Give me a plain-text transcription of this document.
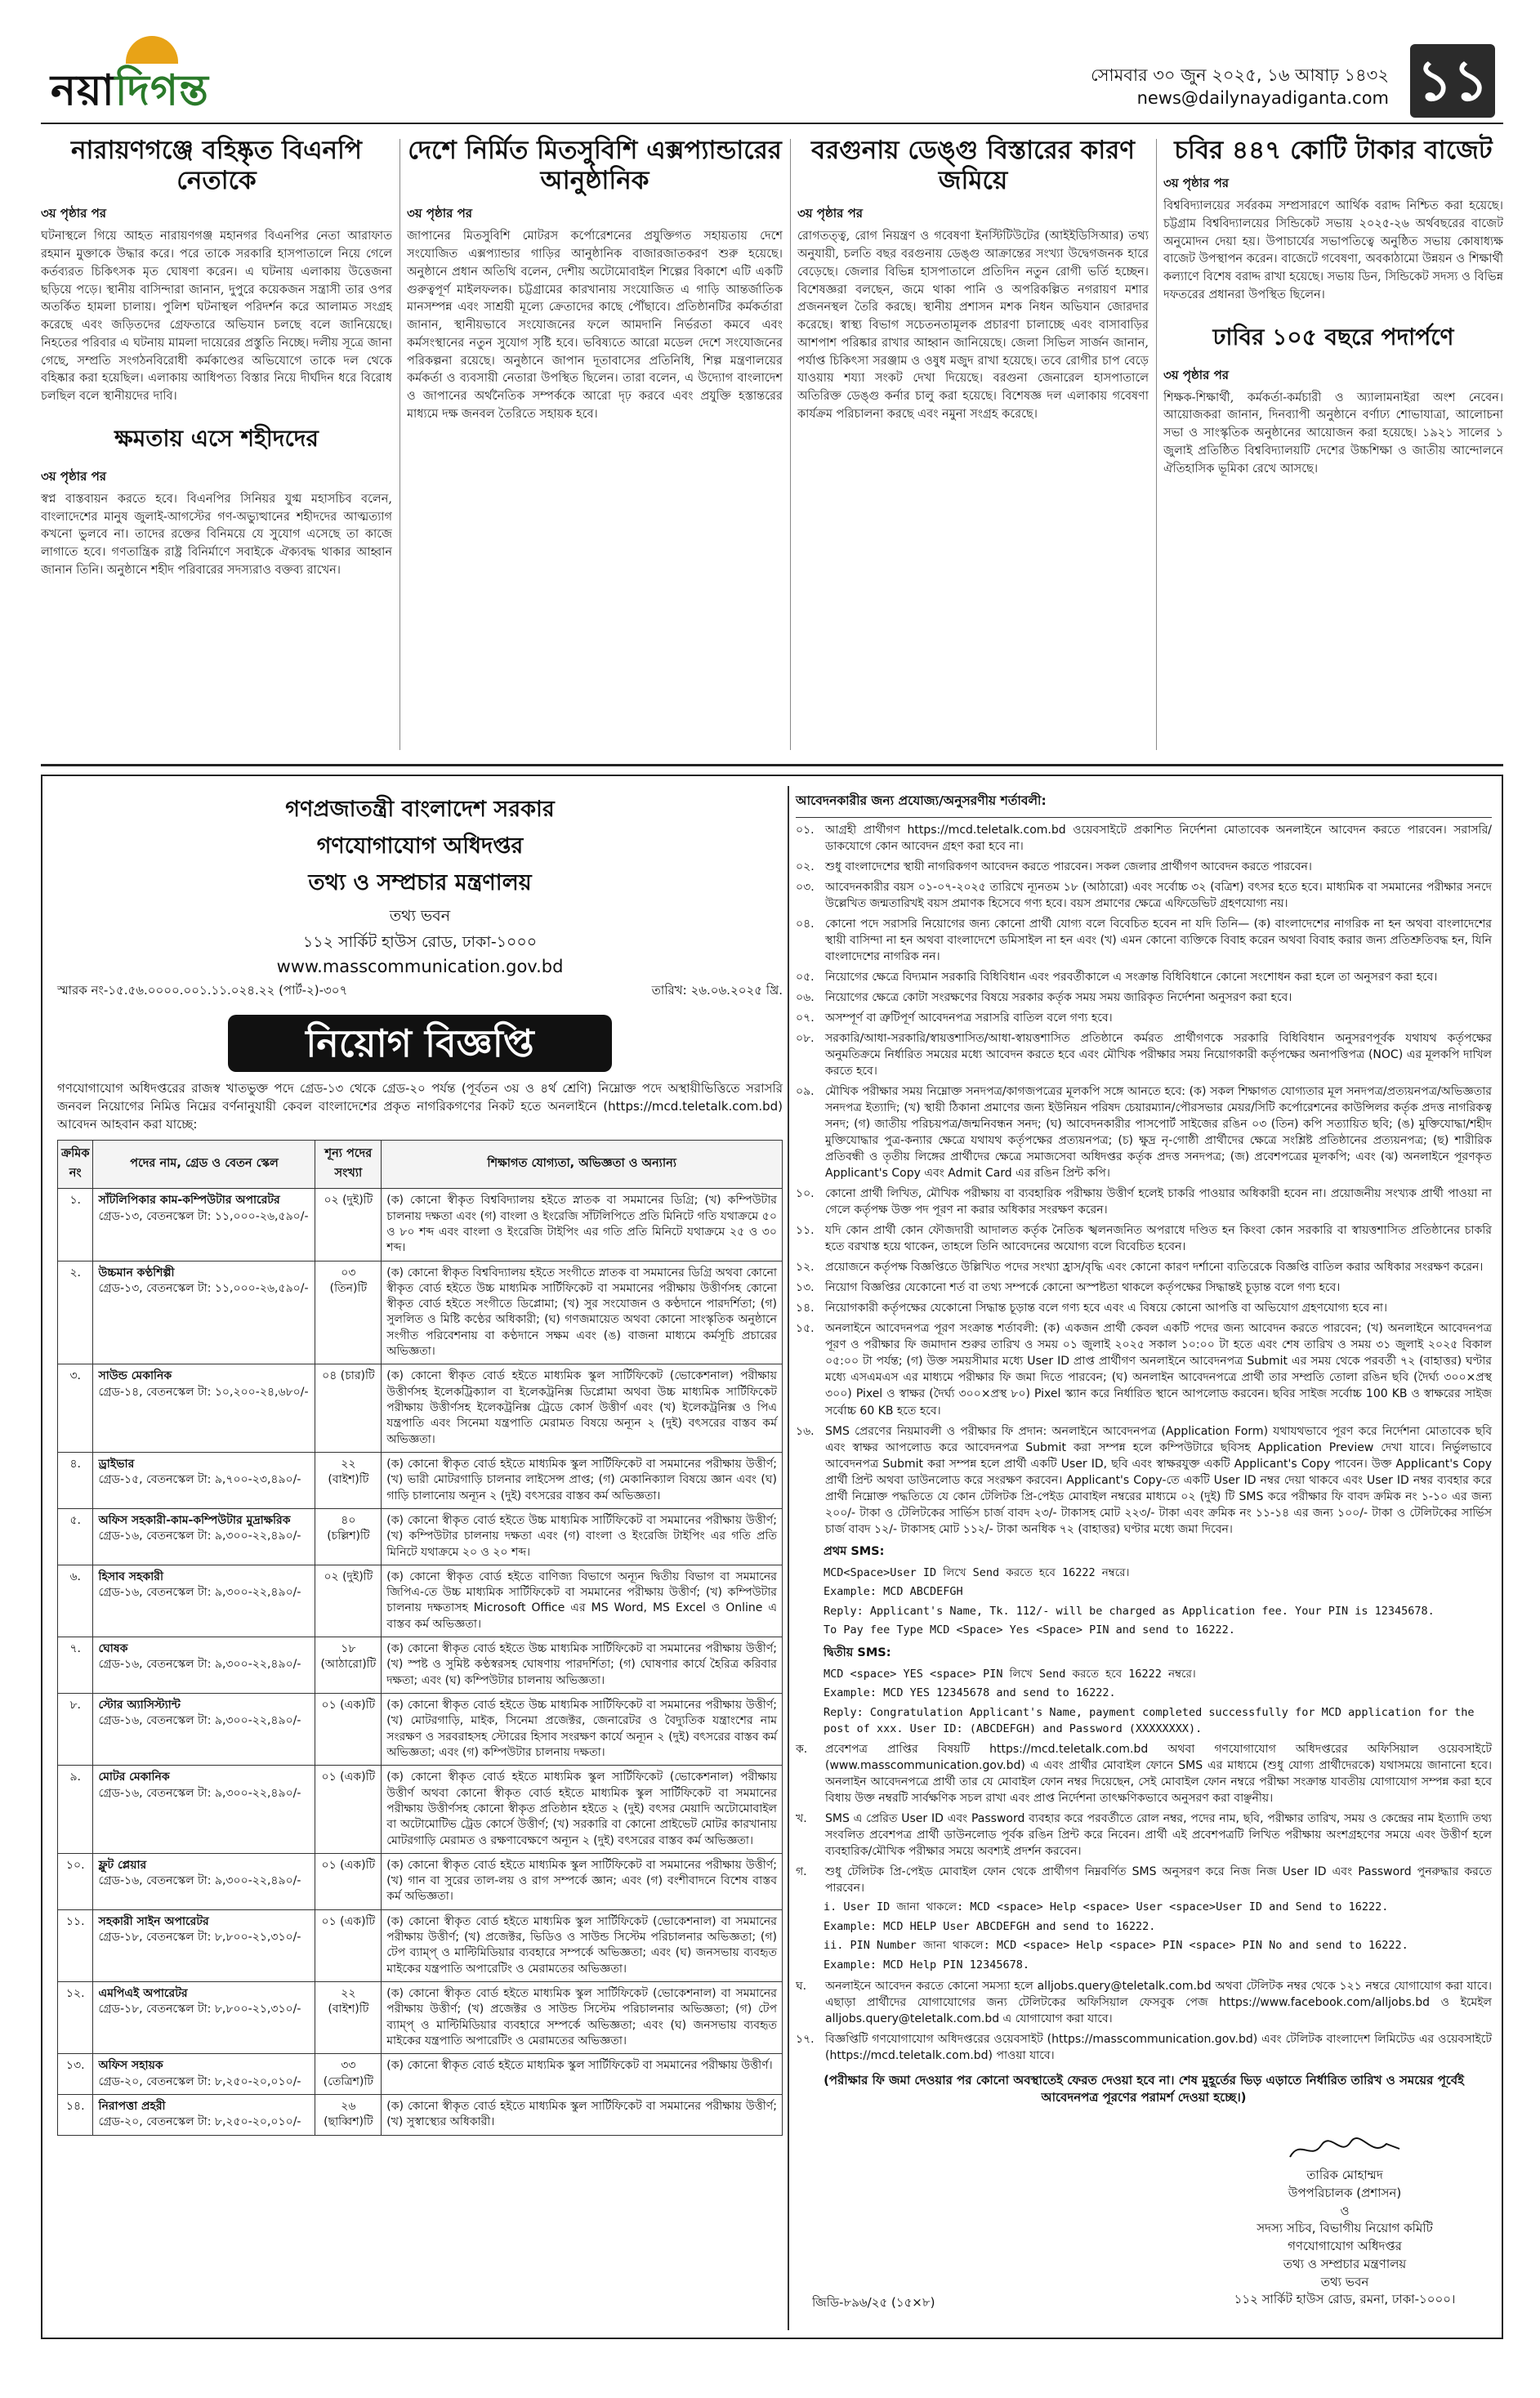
নয়াদিগন্ত	সোমবার ৩০ জুন ২০২৫, ১৬ আষাঢ় ১৪৩২
news@dailynayadiganta.com ১১
নারায়ণগঞ্জে বহিষ্কৃত বিএনপি নেতাকে
৩য় পৃষ্ঠার পর

ঘটনাস্থলে গিয়ে আহত নারায়ণগঞ্জ মহানগর বিএনপির নেতা আরাফাত রহমান মুক্তাকে উদ্ধার করে। পরে তাকে সরকারি হাসপাতালে নিয়ে গেলে কর্তব্যরত চিকিৎসক মৃত ঘোষণা করেন। এ ঘটনায় এলাকায় উত্তেজনা ছড়িয়ে পড়ে। স্থানীয় বাসিন্দারা জানান, দুপুরে কয়েকজন সন্ত্রাসী তার ওপর অতর্কিত হামলা চালায়। পুলিশ ঘটনাস্থল পরিদর্শন করে আলামত সংগ্রহ করেছে এবং জড়িতদের গ্রেফতারে অভিযান চলছে বলে জানিয়েছে। নিহতের পরিবার এ ঘটনায় মামলা দায়েরের প্রস্তুতি নিচ্ছে। দলীয় সূত্রে জানা গেছে, সম্প্রতি সংগঠনবিরোধী কর্মকাণ্ডের অভিযোগে তাকে দল থেকে বহিষ্কার করা হয়েছিল। এলাকায় আধিপত্য বিস্তার নিয়ে দীর্ঘদিন ধরে বিরোধ চলছিল বলে স্থানীয়দের দাবি।

ক্ষমতায় এসে শহীদদের
৩য় পৃষ্ঠার পর

স্বপ্ন বাস্তবায়ন করতে হবে। বিএনপির সিনিয়র যুগ্ম মহাসচিব বলেন, বাংলাদেশের মানুষ জুলাই-আগস্টের গণ-অভ্যুত্থানের শহীদদের আত্মত্যাগ কখনো ভুলবে না। তাদের রক্তের বিনিময়ে যে সুযোগ এসেছে তা কাজে লাগাতে হবে। গণতান্ত্রিক রাষ্ট্র বিনির্মাণে সবাইকে ঐক্যবদ্ধ থাকার আহ্বান জানান তিনি। অনুষ্ঠানে শহীদ পরিবারের সদস্যরাও বক্তব্য রাখেন।

দেশে নির্মিত মিতসুবিশি এক্সপ্যান্ডারের আনুষ্ঠানিক
৩য় পৃষ্ঠার পর

জাপানের মিতসুবিশি মোটরস কর্পোরেশনের প্রযুক্তিগত সহায়তায় দেশে সংযোজিত এক্সপ্যান্ডার গাড়ির আনুষ্ঠানিক বাজারজাতকরণ শুরু হয়েছে। অনুষ্ঠানে প্রধান অতিথি বলেন, দেশীয় অটোমোবাইল শিল্পের বিকাশে এটি একটি গুরুত্বপূর্ণ মাইলফলক। চট্টগ্রামের কারখানায় সংযোজিত এ গাড়ি আন্তর্জাতিক মানসম্পন্ন এবং সাশ্রয়ী মূল্যে ক্রেতাদের কাছে পৌঁছাবে। প্রতিষ্ঠানটির কর্মকর্তারা জানান, স্থানীয়ভাবে সংযোজনের ফলে আমদানি নির্ভরতা কমবে এবং কর্মসংস্থানের নতুন সুযোগ সৃষ্টি হবে। ভবিষ্যতে আরো মডেল দেশে সংযোজনের পরিকল্পনা রয়েছে। অনুষ্ঠানে জাপান দূতাবাসের প্রতিনিধি, শিল্প মন্ত্রণালয়ের কর্মকর্তা ও ব্যবসায়ী নেতারা উপস্থিত ছিলেন। তারা বলেন, এ উদ্যোগ বাংলাদেশ ও জাপানের অর্থনৈতিক সম্পর্ককে আরো দৃঢ় করবে এবং প্রযুক্তি হস্তান্তরের মাধ্যমে দক্ষ জনবল তৈরিতে সহায়ক হবে।

বরগুনায় ডেঙ্গু বিস্তারের কারণ জমিয়ে
৩য় পৃষ্ঠার পর

রোগতত্ত্ব, রোগ নিয়ন্ত্রণ ও গবেষণা ইনস্টিটিউটের (আইইডিসিআর) তথ্য অনুযায়ী, চলতি বছর বরগুনায় ডেঙ্গু আক্রান্তের সংখ্যা উদ্বেগজনক হারে বেড়েছে। জেলার বিভিন্ন হাসপাতালে প্রতিদিন নতুন রোগী ভর্তি হচ্ছেন। বিশেষজ্ঞরা বলছেন, জমে থাকা পানি ও অপরিকল্পিত নগরায়ণ মশার প্রজননস্থল তৈরি করছে। স্থানীয় প্রশাসন মশক নিধন অভিযান জোরদার করেছে। স্বাস্থ্য বিভাগ সচেতনতামূলক প্রচারণা চালাচ্ছে এবং বাসাবাড়ির আশপাশ পরিষ্কার রাখার আহ্বান জানিয়েছে। জেলা সিভিল সার্জন জানান, পর্যাপ্ত চিকিৎসা সরঞ্জাম ও ওষুধ মজুদ রাখা হয়েছে। তবে রোগীর চাপ বেড়ে যাওয়ায় শয্যা সংকট দেখা দিয়েছে। বরগুনা জেনারেল হাসপাতালে অতিরিক্ত ডেঙ্গু কর্নার চালু করা হয়েছে। বিশেষজ্ঞ দল এলাকায় গবেষণা কার্যক্রম পরিচালনা করছে এবং নমুনা সংগ্রহ করেছে।

চবির ৪৪৭ কোটি টাকার বাজেট
৩য় পৃষ্ঠার পর

বিশ্ববিদ্যালয়ের সর্বরকম সম্প্রসারণে আর্থিক বরাদ্দ নিশ্চিত করা হয়েছে। চট্টগ্রাম বিশ্ববিদ্যালয়ের সিন্ডিকেট সভায় ২০২৫-২৬ অর্থবছরের বাজেট অনুমোদন দেয়া হয়। উপাচার্যের সভাপতিত্বে অনুষ্ঠিত সভায় কোষাধ্যক্ষ বাজেট উপস্থাপন করেন। বাজেটে গবেষণা, অবকাঠামো উন্নয়ন ও শিক্ষার্থী কল্যাণে বিশেষ বরাদ্দ রাখা হয়েছে। সভায় ডিন, সিন্ডিকেট সদস্য ও বিভিন্ন দফতরের প্রধানরা উপস্থিত ছিলেন।

ঢাবির ১০৫ বছরে পদার্পণে
৩য় পৃষ্ঠার পর

শিক্ষক-শিক্ষার্থী, কর্মকর্তা-কর্মচারী ও অ্যালামনাইরা অংশ নেবেন। আয়োজকরা জানান, দিনব্যাপী অনুষ্ঠানে বর্ণাঢ্য শোভাযাত্রা, আলোচনা সভা ও সাংস্কৃতিক অনুষ্ঠানের আয়োজন করা হয়েছে। ১৯২১ সালের ১ জুলাই প্রতিষ্ঠিত বিশ্ববিদ্যালয়টি দেশের উচ্চশিক্ষা ও জাতীয় আন্দোলনে ঐতিহাসিক ভূমিকা রেখে আসছে।

গণপ্রজাতন্ত্রী বাংলাদেশ সরকার
গণযোগাযোগ অধিদপ্তর
তথ্য ও সম্প্রচার মন্ত্রণালয়
তথ্য ভবন
১১২ সার্কিট হাউস রোড, ঢাকা-১০০০
www.masscommunication.gov.bd
স্মারক নং-১৫.৫৬.০০০০.০০১.১১.০২৪.২২ (পার্ট-২)-৩০৭	তারিখ: ২৬.০৬.২০২৫ খ্রি.
নিয়োগ বিজ্ঞপ্তি
গণযোগাযোগ অধিদপ্তরের রাজস্ব খাতভুক্ত পদে গ্রেড-১৩ থেকে গ্রেড-২০ পর্যন্ত (পূর্বতন ৩য় ও ৪র্থ শ্রেণি) নিম্নোক্ত পদে অস্থায়ীভিত্তিতে সরাসরি জনবল নিয়োগের নিমিত্ত নিম্নের বর্ণনানুযায়ী কেবল বাংলাদেশের প্রকৃত নাগরিকগণের নিকট হতে অনলাইনে (https://mcd.teletalk.com.bd) আবেদন আহবান করা যাচ্ছে:
ক্রমিক নং	পদের নাম, গ্রেড ও বেতন স্কেল	শূন্য পদের সংখ্যা	শিক্ষাগত যোগ্যতা, অভিজ্ঞতা ও অন্যান্য
১.	সাঁটলিপিকার কাম-কম্পিউটার অপারেটর
গ্রেড-১৩, বেতনস্কেল টা: ১১,০০০-২৬,৫৯০/-	০২ (দুই)টি	(ক) কোনো স্বীকৃত বিশ্ববিদ্যালয় হইতে স্নাতক বা সমমানের ডিগ্রি; (খ) কম্পিউটার চালনায় দক্ষতা এবং (গ) বাংলা ও ইংরেজি সাঁটলিপিতে প্রতি মিনিটে গতি যথাক্রমে ৫০ ও ৮০ শব্দ এবং বাংলা ও ইংরেজি টাইপিং এর গতি প্রতি মিনিটে যথাক্রমে ২৫ ও ৩০ শব্দ।
২.	উচ্চমান কণ্ঠশিল্পী
গ্রেড-১৩, বেতনস্কেল টা: ১১,০০০-২৬,৫৯০/-	০৩ (তিন)টি	(ক) কোনো স্বীকৃত বিশ্ববিদ্যালয় হইতে সংগীতে স্নাতক বা সমমানের ডিগ্রি অথবা কোনো স্বীকৃত বোর্ড হইতে উচ্চ মাধ্যমিক সার্টিফিকেট বা সমমানের পরীক্ষায় উত্তীর্ণসহ কোনো স্বীকৃত বোর্ড হইতে সংগীতে ডিপ্লোমা; (খ) সুর সংযোজন ও কণ্ঠদানে পারদর্শিতা; (গ) সুললিত ও মিষ্টি কণ্ঠের অধিকারী; (ঘ) গণজমায়েত অথবা কোনো সাংস্কৃতিক অনুষ্ঠানে সংগীত পরিবেশনায় বা কণ্ঠদানে সক্ষম এবং (ঙ) বাজনা মাধ্যমে কর্মসূচি প্রচারের অভিজ্ঞতা।
৩.	সাউন্ড মেকানিক
গ্রেড-১৪, বেতনস্কেল টা: ১০,২০০-২৪,৬৮০/-	০৪ (চার)টি	(ক) কোনো স্বীকৃত বোর্ড হইতে মাধ্যমিক স্কুল সার্টিফিকেট (ভোকেশনাল) পরীক্ষায় উত্তীর্ণসহ ইলেকট্রিক্যাল বা ইলেকট্রনিক্স ডিপ্লোমা অথবা উচ্চ মাধ্যমিক সার্টিফিকেট পরীক্ষায় উত্তীর্ণসহ ইলেকট্রনিক্স ট্রেডে কোর্স উত্তীর্ণ এবং (খ) ইলেকট্রনিক্স ও পিএ যন্ত্রপাতি এবং সিনেমা যন্ত্রপাতি মেরামত বিষয়ে অন্যূন ২ (দুই) বৎসরের বাস্তব কর্ম অভিজ্ঞতা।
৪.	ড্রাইভার
গ্রেড-১৫, বেতনস্কেল টা: ৯,৭০০-২৩,৪৯০/-	২২ (বাইশ)টি	(ক) কোনো স্বীকৃত বোর্ড হইতে মাধ্যমিক স্কুল সার্টিফিকেট বা সমমানের পরীক্ষায় উত্তীর্ণ; (খ) ভারী মোটরগাড়ি চালনার লাইসেন্স প্রাপ্ত; (গ) মেকানিক্যাল বিষয়ে জ্ঞান এবং (ঘ) গাড়ি চালানোয় অন্যূন ২ (দুই) বৎসরের বাস্তব কর্ম অভিজ্ঞতা।
৫.	অফিস সহকারী-কাম-কম্পিউটার মুদ্রাক্ষরিক
গ্রেড-১৬, বেতনস্কেল টা: ৯,৩০০-২২,৪৯০/-	৪০ (চল্লিশ)টি	(ক) কোনো স্বীকৃত বোর্ড হইতে উচ্চ মাধ্যমিক সার্টিফিকেট বা সমমানের পরীক্ষায় উত্তীর্ণ; (খ) কম্পিউটার চালনায় দক্ষতা এবং (গ) বাংলা ও ইংরেজি টাইপিং এর গতি প্রতি মিনিটে যথাক্রমে ২০ ও ২০ শব্দ।
৬.	হিসাব সহকারী
গ্রেড-১৬, বেতনস্কেল টা: ৯,৩০০-২২,৪৯০/-	০২ (দুই)টি	(ক) কোনো স্বীকৃত বোর্ড হইতে বাণিজ্য বিভাগে অন্যূন দ্বিতীয় বিভাগ বা সমমানের জিপিএ-তে উচ্চ মাধ্যমিক সার্টিফিকেট বা সমমানের পরীক্ষায় উত্তীর্ণ; (খ) কম্পিউটার চালনায় দক্ষতাসহ Microsoft Office এর MS Word, MS Excel ও Online এ বাস্তব কর্ম অভিজ্ঞতা।
৭.	ঘোষক
গ্রেড-১৬, বেতনস্কেল টা: ৯,৩০০-২২,৪৯০/-	১৮ (আঠারো)টি	(ক) কোনো স্বীকৃত বোর্ড হইতে উচ্চ মাধ্যমিক সার্টিফিকেট বা সমমানের পরীক্ষায় উত্তীর্ণ; (খ) স্পষ্ট ও সুমিষ্ট কণ্ঠস্বরসহ ঘোষণায় পারদর্শিতা; (গ) ঘোষণার কার্যে হৈরিত্র করিবার দক্ষতা; এবং (ঘ) কম্পিউটার চালনায় অভিজ্ঞতা।
৮.	স্টোর অ্যাসিস্ট্যান্ট
গ্রেড-১৬, বেতনস্কেল টা: ৯,৩০০-২২,৪৯০/-	০১ (এক)টি	(ক) কোনো স্বীকৃত বোর্ড হইতে উচ্চ মাধ্যমিক সার্টিফিকেট বা সমমানের পরীক্ষায় উত্তীর্ণ; (খ) মোটরগাড়ি, মাইক, সিনেমা প্রজেক্টর, জেনারেটর ও বৈদ্যুতিক যন্ত্রাংশের নাম সংরক্ষণ ও সরবরাহসহ স্টোরের হিসাব সংরক্ষণ কার্যে অন্যূন ২ (দুই) বৎসরের বাস্তব কর্ম অভিজ্ঞতা; এবং (গ) কম্পিউটার চালনায় দক্ষতা।
৯.	মোটর মেকানিক
গ্রেড-১৬, বেতনস্কেল টা: ৯,৩০০-২২,৪৯০/-	০১ (এক)টি	(ক) কোনো স্বীকৃত বোর্ড হইতে মাধ্যমিক স্কুল সার্টিফিকেট (ভোকেশনাল) পরীক্ষায় উত্তীর্ণ অথবা কোনো স্বীকৃত বোর্ড হইতে মাধ্যমিক স্কুল সার্টিফিকেট বা সমমানের পরীক্ষায় উত্তীর্ণসহ কোনো স্বীকৃত প্রতিষ্ঠান হইতে ২ (দুই) বৎসর মেয়াদি অটোমোবাইল বা অটোমোটিভ ট্রেড কোর্সে উত্তীর্ণ; (খ) সরকারি বা কোনো প্রাইভেট মোটর কারখানায় মোটরগাড়ি মেরামত ও রক্ষণাবেক্ষণে অন্যূন ২ (দুই) বৎসরের বাস্তব কর্ম অভিজ্ঞতা।
১০.	ফ্লুট প্লেয়ার
গ্রেড-১৬, বেতনস্কেল টা: ৯,৩০০-২২,৪৯০/-	০১ (এক)টি	(ক) কোনো স্বীকৃত বোর্ড হইতে মাধ্যমিক স্কুল সার্টিফিকেট বা সমমানের পরীক্ষায় উত্তীর্ণ; (খ) গান বা সুরের তাল-লয় ও রাগ সম্পর্কে জ্ঞান; এবং (গ) বংশীবাদনে বিশেষ বাস্তব কর্ম অভিজ্ঞতা।
১১.	সহকারী সাইন অপারেটর
গ্রেড-১৮, বেতনস্কেল টা: ৮,৮০০-২১,৩১০/-	০১ (এক)টি	(ক) কোনো স্বীকৃত বোর্ড হইতে মাধ্যমিক স্কুল সার্টিফিকেট (ভোকেশনাল) বা সমমানের পরীক্ষায় উত্তীর্ণ; (খ) প্রজেক্টর, ভিডিও ও সাউন্ড সিস্টেম পরিচালনার অভিজ্ঞতা; (গ) টেপ ব্যাম্প্ ও মাল্টিমিডিয়ার ব্যবহারে সম্পর্কে অভিজ্ঞতা; এবং (ঘ) জনসভায় ব্যবহৃত মাইকের যন্ত্রপাতি অপারেটিং ও মেরামতের অভিজ্ঞতা।
১২.	এমপিএই অপারেটর
গ্রেড-১৮, বেতনস্কেল টা: ৮,৮০০-২১,৩১০/-	২২ (বাইশ)টি	(ক) কোনো স্বীকৃত বোর্ড হইতে মাধ্যমিক স্কুল সার্টিফিকেট (ভোকেশনাল) বা সমমানের পরীক্ষায় উত্তীর্ণ; (খ) প্রজেক্টর ও সাউন্ড সিস্টেম পরিচালনার অভিজ্ঞতা; (গ) টেপ ব্যাম্প্ ও মাল্টিমিডিয়ার ব্যবহারে সম্পর্কে অভিজ্ঞতা; এবং (ঘ) জনসভায় ব্যবহৃত মাইকের যন্ত্রপাতি অপারেটিং ও মেরামতের অভিজ্ঞতা।
১৩.	অফিস সহায়ক
গ্রেড-২০, বেতনস্কেল টা: ৮,২৫০-২০,০১০/-	৩৩ (তেত্রিশ)টি	(ক) কোনো স্বীকৃত বোর্ড হইতে মাধ্যমিক স্কুল সার্টিফিকেট বা সমমানের পরীক্ষায় উত্তীর্ণ।
১৪.	নিরাপত্তা প্রহরী
গ্রেড-২০, বেতনস্কেল টা: ৮,২৫০-২০,০১০/-	২৬ (ছাব্বিশ)টি	(ক) কোনো স্বীকৃত বোর্ড হইতে মাধ্যমিক স্কুল সার্টিফিকেট বা সমমানের পরীক্ষায় উত্তীর্ণ; (খ) সুস্বাস্থ্যের অধিকারী।
আবেদনকারীর জন্য প্রযোজ্য/অনুসরণীয় শর্তাবলী:
০১. আগ্রহী প্রার্থীগণ https://mcd.teletalk.com.bd ওয়েবসাইটে প্রকাশিত নির্দেশনা মোতাবেক অনলাইনে আবেদন করতে পারবেন। সরাসরি/ডাকযোগে কোন আবেদন গ্রহণ করা হবে না।
০২. শুধু বাংলাদেশের স্থায়ী নাগরিকগণ আবেদন করতে পারবেন। সকল জেলার প্রার্থীগণ আবেদন করতে পারবেন।
০৩. আবেদনকারীর বয়স ০১-০৭-২০২৫ তারিখে ন্যূনতম ১৮ (আঠারো) এবং সর্বোচ্চ ৩২ (বত্রিশ) বৎসর হতে হবে। মাধ্যমিক বা সমমানের পরীক্ষার সনদে উল্লেখিত জন্মতারিখই বয়স প্রমাণক হিসেবে গণ্য হবে। বয়স প্রমাণের ক্ষেত্রে এফিডেভিট গ্রহণযোগ্য নয়।
০৪. কোনো পদে সরাসরি নিয়োগের জন্য কোনো প্রার্থী যোগ্য বলে বিবেচিত হবেন না যদি তিনি— (ক) বাংলাদেশের নাগরিক না হন অথবা বাংলাদেশের স্থায়ী বাসিন্দা না হন অথবা বাংলাদেশে ডমিসাইল না হন এবং (খ) এমন কোনো ব্যক্তিকে বিবাহ করেন অথবা বিবাহ করার জন্য প্রতিশ্রুতিবদ্ধ হন, যিনি বাংলাদেশের নাগরিক নন।
০৫. নিয়োগের ক্ষেত্রে বিদ্যমান সরকারি বিধিবিধান এবং পরবর্তীকালে এ সংক্রান্ত বিধিবিধানে কোনো সংশোধন করা হলে তা অনুসরণ করা হবে।
০৬. নিয়োগের ক্ষেত্রে কোটা সংরক্ষণের বিষয়ে সরকার কর্তৃক সময় সময় জারিকৃত নির্দেশনা অনুসরণ করা হবে।
০৭. অসম্পূর্ণ বা ত্রুটিপূর্ণ আবেদনপত্র সরাসরি বাতিল বলে গণ্য হবে।
০৮. সরকারি/আধা-সরকারি/স্বায়ত্তশাসিত/আধা-স্বায়ত্তশাসিত প্রতিষ্ঠানে কর্মরত প্রার্থীগণকে সরকারি বিধিবিধান অনুসরণপূর্বক যথাযথ কর্তৃপক্ষের অনুমতিক্রমে নির্ধারিত সময়ের মধ্যে আবেদন করতে হবে এবং মৌখিক পরীক্ষার সময় নিয়োগকারী কর্তৃপক্ষের অনাপত্তিপত্র (NOC) এর মূলকপি দাখিল করতে হবে।
০৯. মৌখিক পরীক্ষার সময় নিম্নোক্ত সনদপত্র/কাগজপত্রের মূলকপি সঙ্গে আনতে হবে: (ক) সকল শিক্ষাগত যোগ্যতার মূল সনদপত্র/প্রত্যয়নপত্র/অভিজ্ঞতার সনদপত্র ইত্যাদি; (খ) স্থায়ী ঠিকানা প্রমাণের জন্য ইউনিয়ন পরিষদ চেয়ারম্যান/পৌরসভার মেয়র/সিটি কর্পোরেশনের কাউন্সিলর কর্তৃক প্রদত্ত নাগরিকত্ব সনদ; (গ) জাতীয় পরিচয়পত্র/জন্মনিবন্ধন সনদ; (ঘ) আবেদনকারীর পাসপোর্ট সাইজের রঙিন ০৩ (তিন) কপি সত্যায়িত ছবি; (ঙ) মুক্তিযোদ্ধা/শহীদ মুক্তিযোদ্ধার পুত্র-কন্যার ক্ষেত্রে যথাযথ কর্তৃপক্ষের প্রত্যয়নপত্র; (চ) ক্ষুদ্র নৃ-গোষ্ঠী প্রার্থীদের ক্ষেত্রে সংশ্লিষ্ট প্রতিষ্ঠানের প্রত্যয়নপত্র; (ছ) শারীরিক প্রতিবন্ধী ও তৃতীয় লিঙ্গের প্রার্থীদের ক্ষেত্রে সমাজসেবা অধিদপ্তর কর্তৃক প্রদত্ত সনদপত্র; (জ) প্রবেশপত্রের মূলকপি; এবং (ঝ) অনলাইনে পূরণকৃত Applicant's Copy এবং Admit Card এর রঙিন প্রিন্ট কপি।
১০. কোনো প্রার্থী লিখিত, মৌখিক পরীক্ষায় বা ব্যবহারিক পরীক্ষায় উত্তীর্ণ হলেই চাকরি পাওয়ার অধিকারী হবেন না। প্রয়োজনীয় সংখ্যক প্রার্থী পাওয়া না গেলে কর্তৃপক্ষ উক্ত পদ পূরণ না করার অধিকার সংরক্ষণ করেন।
১১. যদি কোন প্রার্থী কোন ফৌজদারী আদালত কর্তৃক নৈতিক স্খলনজনিত অপরাধে দণ্ডিত হন কিংবা কোন সরকারি বা স্বায়ত্তশাসিত প্রতিষ্ঠানের চাকরি হতে বরখাস্ত হয়ে থাকেন, তাহলে তিনি আবেদনের অযোগ্য বলে বিবেচিত হবেন।
১২. প্রয়োজনে কর্তৃপক্ষ বিজ্ঞপ্তিতে উল্লিখিত পদের সংখ্যা হ্রাস/বৃদ্ধি এবং কোনো কারণ দর্শানো ব্যতিরেকে বিজ্ঞপ্তি বাতিল করার অধিকার সংরক্ষণ করেন।
১৩. নিয়োগ বিজ্ঞপ্তির যেকোনো শর্ত বা তথ্য সম্পর্কে কোনো অস্পষ্টতা থাকলে কর্তৃপক্ষের সিদ্ধান্তই চূড়ান্ত বলে গণ্য হবে।
১৪. নিয়োগকারী কর্তৃপক্ষের যেকোনো সিদ্ধান্ত চূড়ান্ত বলে গণ্য হবে এবং এ বিষয়ে কোনো আপত্তি বা অভিযোগ গ্রহণযোগ্য হবে না।
১৫. অনলাইনে আবেদনপত্র পূরণ সংক্রান্ত শর্তাবলী: (ক) একজন প্রার্থী কেবল একটি পদের জন্য আবেদন করতে পারবেন; (খ) অনলাইনে আবেদনপত্র পূরণ ও পরীক্ষার ফি জমাদান শুরুর তারিখ ও সময় ০১ জুলাই ২০২৫ সকাল ১০:০০ টা হতে এবং শেষ তারিখ ও সময় ৩১ জুলাই ২০২৫ বিকাল ০৫:০০ টা পর্যন্ত; (গ) উক্ত সময়সীমার মধ্যে User ID প্রাপ্ত প্রার্থীগণ অনলাইনে আবেদনপত্র Submit এর সময় থেকে পরবর্তী ৭২ (বাহাত্তর) ঘণ্টার মধ্যে এসএমএস এর মাধ্যমে পরীক্ষার ফি জমা দিতে পারবেন; (ঘ) অনলাইন আবেদনপত্রে প্রার্থী তার সম্প্রতি তোলা রঙিন ছবি (দৈর্ঘ্য ৩০০×প্রস্থ ৩০০) Pixel ও স্বাক্ষর (দৈর্ঘ্য ৩০০×প্রস্থ ৮০) Pixel স্ক্যান করে নির্ধারিত স্থানে আপলোড করবেন। ছবির সাইজ সর্বোচ্চ 100 KB ও স্বাক্ষরের সাইজ সর্বোচ্চ 60 KB হতে হবে।
১৬. SMS প্রেরণের নিয়মাবলী ও পরীক্ষার ফি প্রদান: অনলাইনে আবেদনপত্র (Application Form) যথাযথভাবে পূরণ করে নির্দেশনা মোতাবেক ছবি এবং স্বাক্ষর আপলোড করে আবেদনপত্র Submit করা সম্পন্ন হলে কম্পিউটারে ছবিসহ Application Preview দেখা যাবে। নির্ভুলভাবে আবেদনপত্র Submit করা সম্পন্ন হলে প্রার্থী একটি User ID, ছবি এবং স্বাক্ষরযুক্ত একটি Applicant's Copy পাবেন। উক্ত Applicant's Copy প্রার্থী প্রিন্ট অথবা ডাউনলোড করে সংরক্ষণ করবেন। Applicant's Copy-তে একটি User ID নম্বর দেয়া থাকবে এবং User ID নম্বর ব্যবহার করে প্রার্থী নিম্নোক্ত পদ্ধতিতে যে কোন টেলিটক প্রি-পেইড মোবাইল নম্বরের মাধ্যমে ০২ (দুই) টি SMS করে পরীক্ষার ফি বাবদ ক্রমিক নং ১-১০ এর জন্য ২০০/- টাকা ও টেলিটকের সার্ভিস চার্জ বাবদ ২৩/- টাকাসহ মোট ২২৩/- টাকা এবং ক্রমিক নং ১১-১৪ এর জন্য ১০০/- টাকা ও টেলিটকের সার্ভিস চার্জ বাবদ ১২/- টাকাসহ মোট ১১২/- টাকা অনধিক ৭২ (বাহাত্তর) ঘণ্টার মধ্যে জমা দিবেন।
প্রথম SMS:
MCD<Space>User ID লিখে Send করতে হবে 16222 নম্বরে।
Example: MCD ABCDEFGH
Reply: Applicant's Name, Tk. 112/- will be charged as Application fee. Your PIN is 12345678.
To Pay fee Type MCD <Space> Yes <Space> PIN and send to 16222.
দ্বিতীয় SMS:
MCD <space> YES <space> PIN লিখে Send করতে হবে 16222 নম্বরে।
Example: MCD YES 12345678 and send to 16222.
Reply: Congratulation Applicant's Name, payment completed successfully for MCD application for the post of xxx. User ID: (ABCDEFGH) and Password (XXXXXXXX).
ক.	প্রবেশপত্র প্রাপ্তির বিষয়টি https://mcd.teletalk.com.bd অথবা গণযোগাযোগ অধিদপ্তরের অফিসিয়াল ওয়েবসাইটে (www.masscommunication.gov.bd) এ এবং প্রার্থীর মোবাইল ফোনে SMS এর মাধ্যমে (শুধু যোগ্য প্রার্থীদেরকে) যথাসময়ে জানানো হবে। অনলাইন আবেদনপত্রে প্রার্থী তার যে মোবাইল ফোন নম্বর দিয়েছেন, সেই মোবাইল ফোন নম্বরে পরীক্ষা সংক্রান্ত যাবতীয় যোগাযোগ সম্পন্ন করা হবে বিধায় উক্ত নম্বরটি সার্বক্ষণিক সচল রাখা এবং প্রাপ্ত নির্দেশনা তাৎক্ষণিকভাবে অনুসরণ করা বাঞ্ছনীয়।
খ.	SMS এ প্রেরিত User ID এবং Password ব্যবহার করে পরবর্তীতে রোল নম্বর, পদের নাম, ছবি, পরীক্ষার তারিখ, সময় ও কেন্দ্রের নাম ইত্যাদি তথ্য সংবলিত প্রবেশপত্র প্রার্থী ডাউনলোড পূর্বক রঙিন প্রিন্ট করে নিবেন। প্রার্থী এই প্রবেশপত্রটি লিখিত পরীক্ষায় অংশগ্রহণের সময়ে এবং উত্তীর্ণ হলে ব্যবহারিক/মৌখিক পরীক্ষার সময়ে অবশ্যই প্রদর্শন করবেন।
গ.	শুধু টেলিটক প্রি-পেইড মোবাইল ফোন থেকে প্রার্থীগণ নিম্নবর্ণিত SMS অনুসরণ করে নিজ নিজ User ID এবং Password পুনরুদ্ধার করতে পারবেন।
i. User ID জানা থাকলে: MCD <space> Help <space> User <space>User ID and Send to 16222.
Example: MCD HELP User ABCDEFGH and send to 16222.
ii. PIN Number জানা থাকলে: MCD <space> Help <space> PIN <space> PIN No and send to 16222.
Example: MCD Help PIN 12345678.
ঘ.	অনলাইনে আবেদন করতে কোনো সমস্যা হলে alljobs.query@teletalk.com.bd অথবা টেলিটক নম্বর থেকে ১২১ নম্বরে যোগাযোগ করা যাবে। এছাড়া প্রার্থীদের যোগাযোগের জন্য টেলিটকের অফিসিয়াল ফেসবুক পেজ https://www.facebook.com/alljobs.bd ও ইমেইল alljobs.query@teletalk.com.bd এ যোগাযোগ করা যাবে।
১৭. বিজ্ঞপ্তিটি গণযোগাযোগ অধিদপ্তরের ওয়েবসাইট (https://masscommunication.gov.bd) এবং টেলিটক বাংলাদেশ লিমিটেড এর ওয়েবসাইটে (https://mcd.teletalk.com.bd) পাওয়া যাবে।
(পরীক্ষার ফি জমা দেওয়ার পর কোনো অবস্থাতেই ফেরত দেওয়া হবে না। শেষ মুহূর্তের ভিড় এড়াতে নির্ধারিত তারিখ ও সময়ের পূর্বেই আবেদনপত্র পূরণের পরামর্শ দেওয়া হচ্ছে।)
তারিক মোহাম্মদ
উপপরিচালক (প্রশাসন)
ও
সদস্য সচিব, বিভাগীয় নিয়োগ কমিটি
গণযোগাযোগ অধিদপ্তর
তথ্য ও সম্প্রচার মন্ত্রণালয়
তথ্য ভবন
১১২ সার্কিট হাউস রোড, রমনা, ঢাকা-১০০০।
জিডি-৮৯৬/২৫ (১৫×৮)
